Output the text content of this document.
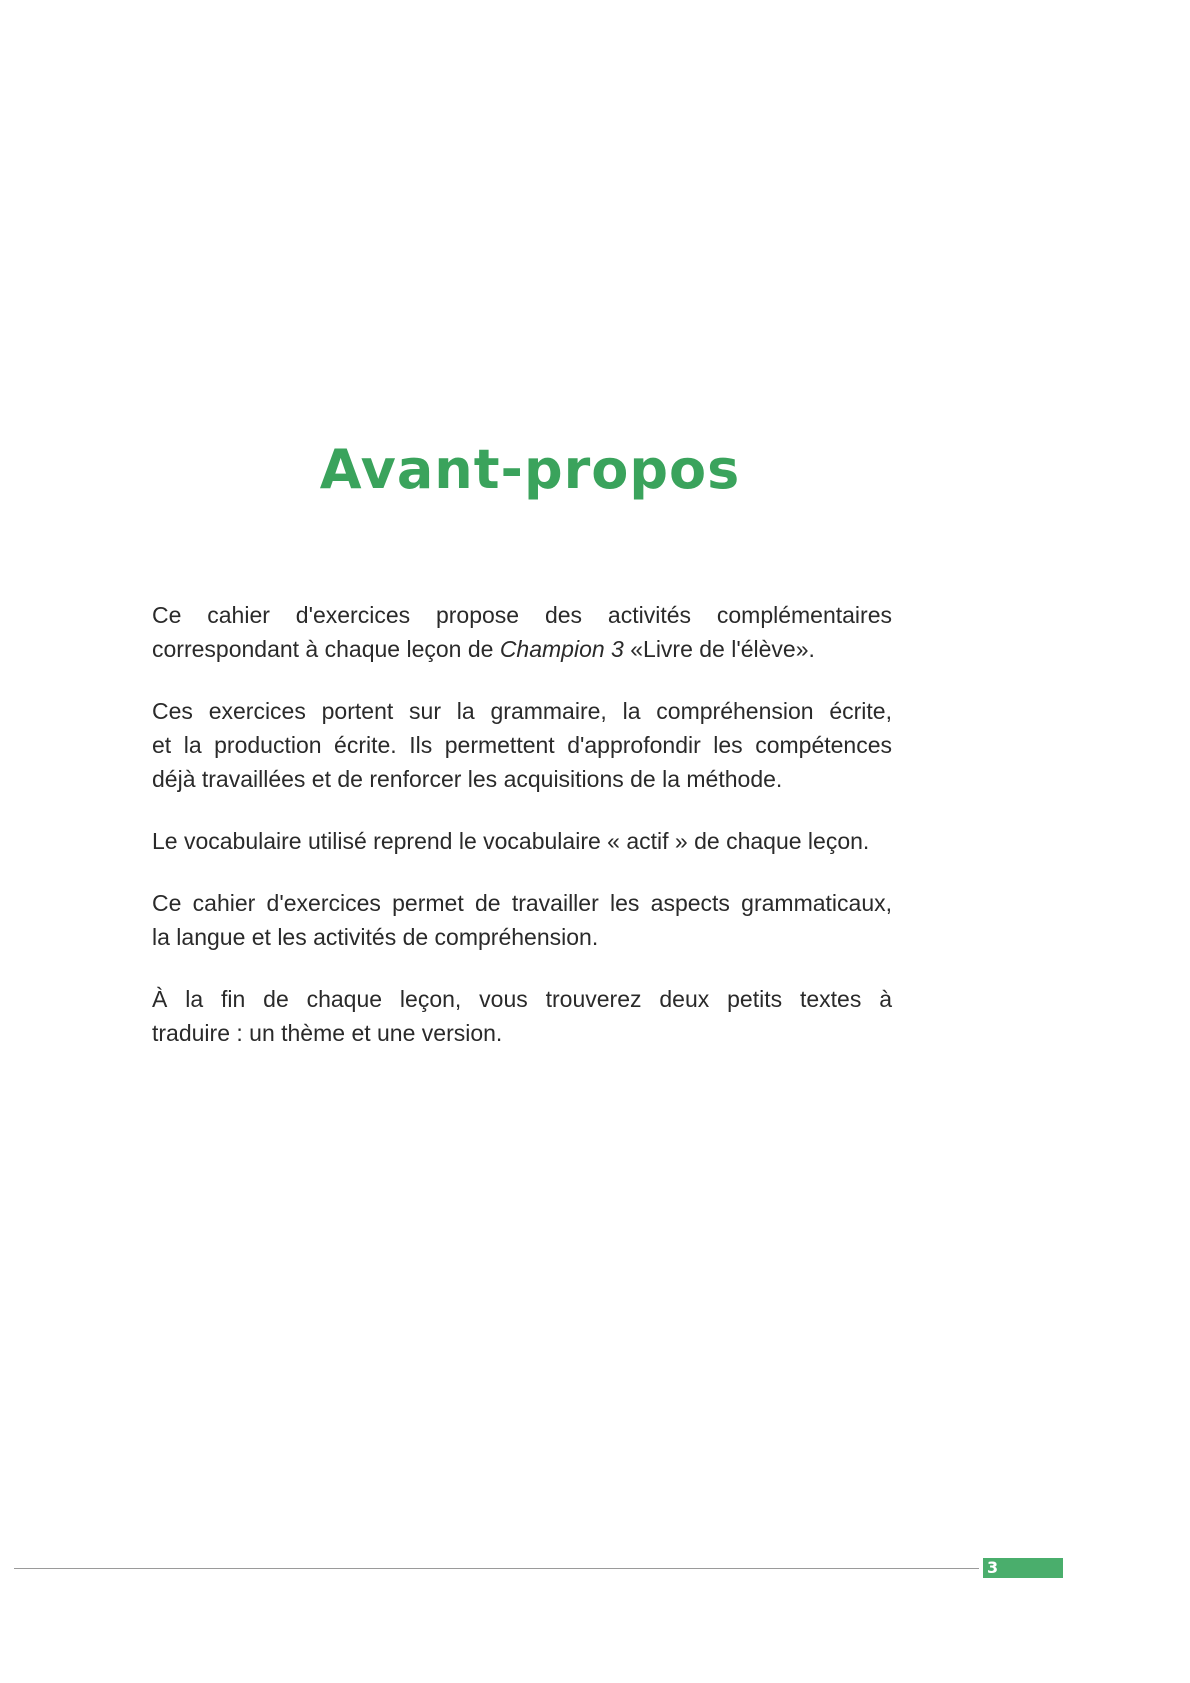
Avant-propos

Ce cahier d'exercices propose des activités complémentaires
correspondant à chaque leçon de Champion 3 «Livre de l'élève».

Ces exercices portent sur la grammaire, la compréhension écrite,
et la production écrite. Ils permettent d'approfondir les compétences
déjà travaillées et de renforcer les acquisitions de la méthode.

Le vocabulaire utilisé reprend le vocabulaire « actif » de chaque leçon.

Ce cahier d'exercices permet de travailler les aspects grammaticaux,
la langue et les activités de compréhension.

À la fin de chaque leçon, vous trouverez deux petits textes à
traduire : un thème et une version.

3
